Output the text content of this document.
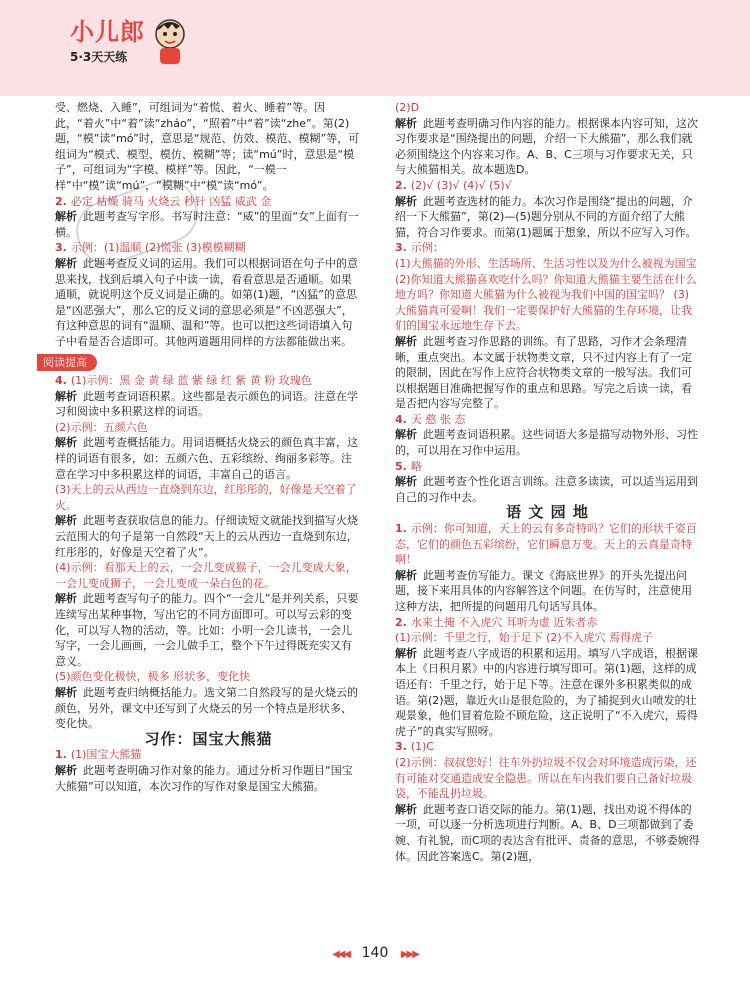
小儿郎
5·3天天练
受、燃烧、入睡”，可组词为“着慌、着火、睡着”等。因此，“着火”中“着”读“zháo”，“照着”中“着”读“zhe”。第(2)题，“模”读“mó”时，意思是“规范、仿效、模范、模糊”等，可组词为“模式、模型、模仿、模糊”等；读“mú”时，意思是“模子”，可组词为“字模、模样”等。因此，“一模一样”中“模”读“mú”，“模糊”中“模”读“mó”。
2. 必定 枯燥 骑马 火烧云 秒针 凶猛 威武 金
解析 此题考查写字形。书写时注意：“威”的里面“女”上面有一横。
3. 示例：(1)温顺 (2)慌张 (3)模模糊糊
解析 此题考查反义词的运用。我们可以根据词语在句子中的意思来找，找到后填入句子中读一读，看看意思是否通顺。如果通顺，就说明这个反义词是正确的。如第(1)题，“凶猛”的意思是“凶恶强大”，那么它的反义词的意思必须是“不凶恶强大”，有这种意思的词有“温顺、温和”等。也可以把这些词语填入句子中看是否合适即可。其他两道题用同样的方法都能做出来。
阅读提高
4. (1)示例：黑 金 黄 绿 蓝 紫 绿 红 紫 黄 粉 玫瑰色
解析 此题考查词语积累。这些都是表示颜色的词语。注意在学习和阅读中多积累这样的词语。
(2)示例：五颜六色
解析 此题考查概括能力。用词语概括火烧云的颜色真丰富，这样的词语有很多，如：五颜六色、五彩缤纷、绚丽多彩等。注意在学习中多积累这样的词语，丰富自己的语言。
(3)天上的云从西边一直烧到东边，红彤彤的，好像是天空着了火。
解析 此题考查获取信息的能力。仔细读短文就能找到描写火烧云范围大的句子是第一自然段“天上的云从西边一直烧到东边，红彤彤的，好像是天空着了火”。
(4)示例：看那天上的云，一会儿变成猴子，一会儿变成大象，一会儿变成狮子，一会儿变成一朵白色的花。
解析 此题考查写句子的能力。四个“一会儿”是并列关系，只要连续写出某种事物，写出它的不同方面即可。可以写云彩的变化，可以写人物的活动，等。比如：小明一会儿读书，一会儿写字，一会儿画画，一会儿做手工，整个下午过得既充实又有意义。
(5)颜色变化极快，极多 形状多，变化快
解析 此题考查归纳概括能力。选文第二自然段写的是火烧云的颜色，另外，课文中还写到了火烧云的另一个特点是形状多、变化快。
习作：国宝大熊猫
1. (1)国宝大熊猫
解析 此题考查明确习作对象的能力。通过分析习作题目“国宝大熊猫”可以知道，本次习作的写作对象是国宝大熊猫。
(2)D
解析 此题考查明确习作内容的能力。根据课本内容可知，这次习作要求是“围绕提出的问题，介绍一下大熊猫”，那么我们就必须围绕这个内容来习作。A、B、C三项与习作要求无关，只与大熊猫相关。故本题选D。
2. (2)√ (3)√ (4)√ (5)√
解析 此题考查选材的能力。本次习作是围绕“提出的问题，介绍一下大熊猫”，第(2)—(5)题分别从不同的方面介绍了大熊猫，符合习作要求。而第(1)题属于想象，所以不应写入习作。
3. 示例：
(1)大熊猫的外形、生活场所、生活习性以及为什么被视为国宝
(2)你知道大熊猫喜欢吃什么吗？你知道大熊猫主要生活在什么地方吗？你知道大熊猫为什么被视为我们中国的国宝吗？ (3)大熊猫真可爱啊！我们一定要保护好大熊猫的生存环境，让我们的国宝永远地生存下去。
解析 此题考查习作思路的训练。有了思路，习作才会条理清晰，重点突出。本文属于状物类文章，只不过内容上有了一定的限制，因此在写作上应符合状物类文章的一般写法。我们可以根据题目准确把握写作的重点和思路。写完之后读一读，看是否把内容写完整了。
4. 天 憨 张 态
解析 此题考查词语积累。这些词语大多是描写动物外形、习性的，可以用在习作中运用。
5. 略
解析 此题考查个性化语言训练。注意多读读，可以适当运用到自己的习作中去。
语 文 园 地
1. 示例：你可知道，天上的云有多奇特吗？它们的形状千姿百态，它们的颜色五彩缤纷，它们瞬息万变。天上的云真是奇特啊！
解析 此题考查仿写能力。课文《海底世界》的开头先提出问题，接下来用具体的内容解答这个问题。在仿写时，注意使用这种方法，把所提的问题用几句话写具体。
2. 水来土掩 不入虎穴 耳听为虚 近朱者赤
(1)示例：千里之行，始于足下 (2)不入虎穴 焉得虎子
解析 此题考查八字成语的积累和运用。填写八字成语，根据课本上《日积月累》中的内容进行填写即可。第(1)题，这样的成语还有：千里之行，始于足下等。注意在课外多积累类似的成语。第(2)题，靠近火山是很危险的，为了捕捉到火山喷发的壮观景象，他们冒着危险不顾危险，这正说明了“不入虎穴，焉得虎子”的真实写照呀。
3. (1)C
(2)示例：叔叔您好！往车外扔垃圾不仅会对环境造成污染，还有可能对交通造成安全隐患。所以在车内我们要自己备好垃圾袋，不能乱扔垃圾。
解析 此题考查口语交际的能力。第(1)题，找出劝说不得体的一项，可以逐一分析选项进行判断。A、B、D三项都做到了委婉、有礼貌，而C项的表达含有批评、责备的意思，不够委婉得体。因此答案选C。第(2)题，
◀◀◀ 140 ▶▶▶
